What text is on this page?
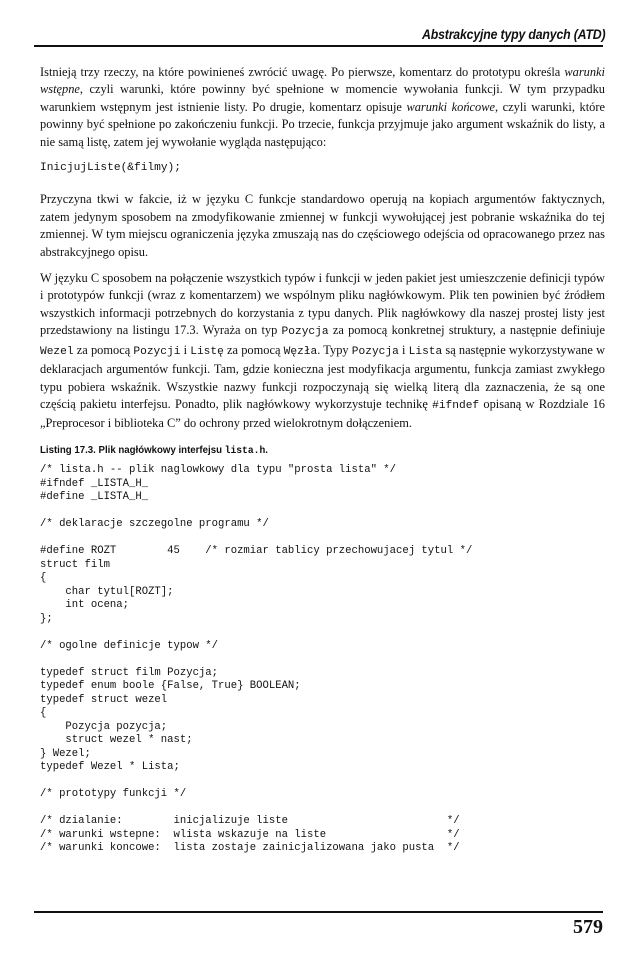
Abstrakcyjne typy danych (ATD)

Istnieją trzy rzeczy, na które powinieneś zwrócić uwagę. Po pierwsze, komentarz do prototypu określa warunki wstępne, czyli warunki, które powinny być spełnione w momencie wywołania funkcji. W tym przypadku warunkiem wstępnym jest istnienie listy. Po drugie, komentarz opisuje warunki końcowe, czyli warunki, które powinny być spełnione po zakończeniu funkcji. Po trzecie, funkcja przyjmuje jako argument wskaźnik do listy, a nie samą listę, zatem jej wywołanie wygląda następująco:

InicjujListe(&filmy);

Przyczyna tkwi w fakcie, iż w języku C funkcje standardowo operują na kopiach argumentów faktycznych, zatem jedynym sposobem na zmodyfikowanie zmiennej w funkcji wywołującej jest pobranie wskaźnika do tej zmiennej. W tym miejscu ograniczenia języka zmuszają nas do częściowego odejścia od opracowanego przez nas abstrakcyjnego opisu.

W języku C sposobem na połączenie wszystkich typów i funkcji w jeden pakiet jest umieszczenie definicji typów i prototypów funkcji (wraz z komentarzem) we wspólnym pliku nagłówkowym. Plik ten powinien być źródłem wszystkich informacji potrzebnych do korzystania z typu danych. Plik nagłówkowy dla naszej prostej listy jest przedstawiony na listingu 17.3. Wyraża on typ Pozycja za pomocą konkretnej struktury, a następnie definiuje Wezel za pomocą Pozycji i Listę za pomocą Węzła. Typy Pozycja i Lista są następnie wykorzystywane w deklaracjach argumentów funkcji. Tam, gdzie konieczna jest modyfikacja argumentu, funkcja zamiast zwykłego typu pobiera wskaźnik. Wszystkie nazwy funkcji rozpoczynają się wielką literą dla zaznaczenia, że są one częścią pakietu interfejsu. Ponadto, plik nagłówkowy wykorzystuje technikę #ifndef opisaną w Rozdziale 16 „Preprocesor i biblioteka C” do ochrony przed wielokrotnym dołączeniem.

Listing 17.3. Plik nagłówkowy interfejsu lista.h.
/* lista.h -- plik naglowkowy dla typu "prosta lista" */
#ifndef _LISTA_H_
#define _LISTA_H_

/* deklaracje szczegolne programu */

#define ROZT        45    /* rozmiar tablicy przechowujacej tytul */
struct film
{
char tytul[ROZT];
int ocena;
};

/* ogolne definicje typow */

typedef struct film Pozycja;
typedef enum boole {False, True} BOOLEAN;
typedef struct wezel
{
Pozycja pozycja;
struct wezel * nast;
} Wezel;
typedef Wezel * Lista;

/* prototypy funkcji */

/* dzialanie:        inicjalizuje liste                         */
/* warunki wstepne:  wlista wskazuje na liste                   */
/* warunki koncowe:  lista zostaje zainicjalizowana jako pusta  */
579
